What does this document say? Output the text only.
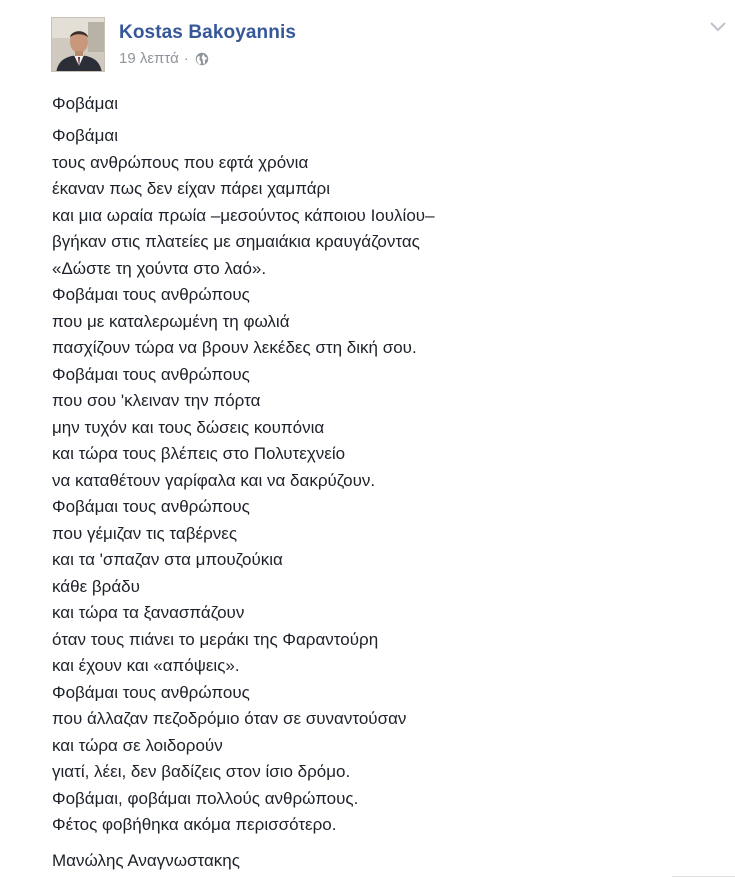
Kostas Bakoyannis
19 λεπτά ·
Φοβάμαι
Φοβάμαι
τους ανθρώπους που εφτά χρόνια
έκαναν πως δεν είχαν πάρει χαμπάρι
και μια ωραία πρωία –μεσούντος κάποιου Ιουλίου–
βγήκαν στις πλατείες με σημαιάκια κραυγάζοντας
«Δώστε τη χούντα στο λαό».
Φοβάμαι τους ανθρώπους
που με καταλερωμένη τη φωλιά
πασχίζουν τώρα να βρουν λεκέδες στη δική σου.
Φοβάμαι τους ανθρώπους
που σου 'κλειναν την πόρτα
μην τυχόν και τους δώσεις κουπόνια
και τώρα τους βλέπεις στο Πολυτεχνείο
να καταθέτουν γαρίφαλα και να δακρύζουν.
Φοβάμαι τους ανθρώπους
που γέμιζαν τις ταβέρνες
και τα 'σπαζαν στα μπουζούκια
κάθε βράδυ
και τώρα τα ξανασπάζουν
όταν τους πιάνει το μεράκι της Φαραντούρη
και έχουν και «απόψεις».
Φοβάμαι τους ανθρώπους
που άλλαζαν πεζοδρόμιο όταν σε συναντούσαν
και τώρα σε λοιδορούν
γιατί, λέει, δεν βαδίζεις στον ίσιο δρόμο.
Φοβάμαι, φοβάμαι πολλούς ανθρώπους.
Φέτος φοβήθηκα ακόμα περισσότερο.
Μανώλης Αναγνωστακης
